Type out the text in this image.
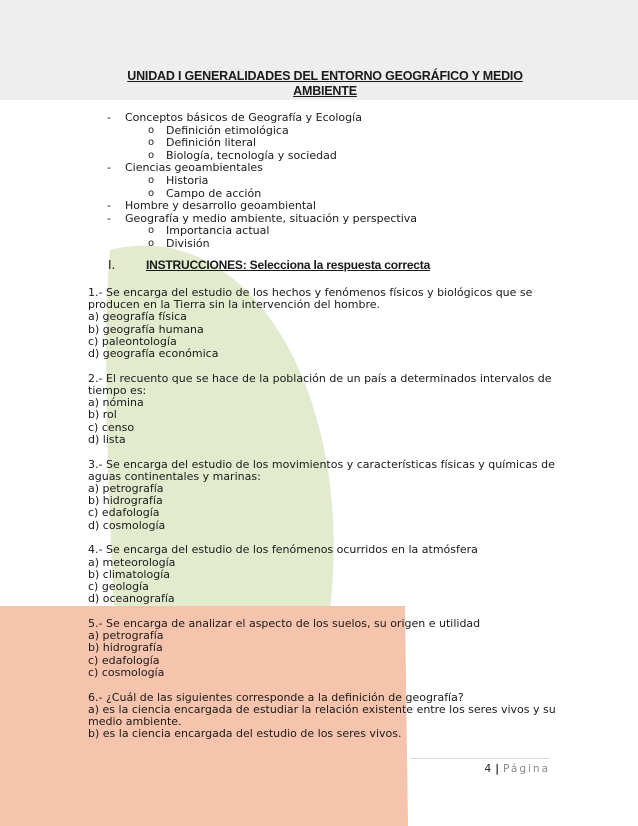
UNIDAD I GENERALIDADES DEL ENTORNO GEOGRÁFICO Y MEDIO
AMBIENTE
- Conceptos básicos de Geografía y Ecología
o Definición etimológica
o Definición literal
o Biología, tecnología y sociedad
- Ciencias geoambientales
o Historia
o Campo de acción
- Hombre y desarrollo geoambiental
- Geografía y medio ambiente, situación y perspectiva
o Importancia actual
o División
I.	INSTRUCCIONES: Selecciona la respuesta correcta
1.- Se encarga del estudio de los hechos y fenómenos físicos y biológicos que se producen en la Tierra sin la intervención del hombre.
a) geografía física
b) geografía humana
c) paleontología
d) geografía económica
2.- El recuento que se hace de la población de un país a determinados intervalos de tiempo es:
a) nómina
b) rol
c) censo
d) lista
3.- Se encarga del estudio de los movimientos y características físicas y químicas de aguas continentales y marinas:
a) petrografía
b) hidrografía
c) edafología
d) cosmología
4.- Se encarga del estudio de los fenómenos ocurridos en la atmósfera
a) meteorología
b) climatología
c) geología
d) oceanografía
5.- Se encarga de analizar el aspecto de los suelos, su origen e utilidad
a) petrografía
b) hidrografía
c) edafología
c) cosmología
6.- ¿Cuál de las siguientes corresponde a la definición de geografía?
a) es la ciencia encargada de estudiar la relación existente entre los seres vivos y su medio ambiente.
b) es la ciencia encargada del estudio de los seres vivos.
4 | Página
